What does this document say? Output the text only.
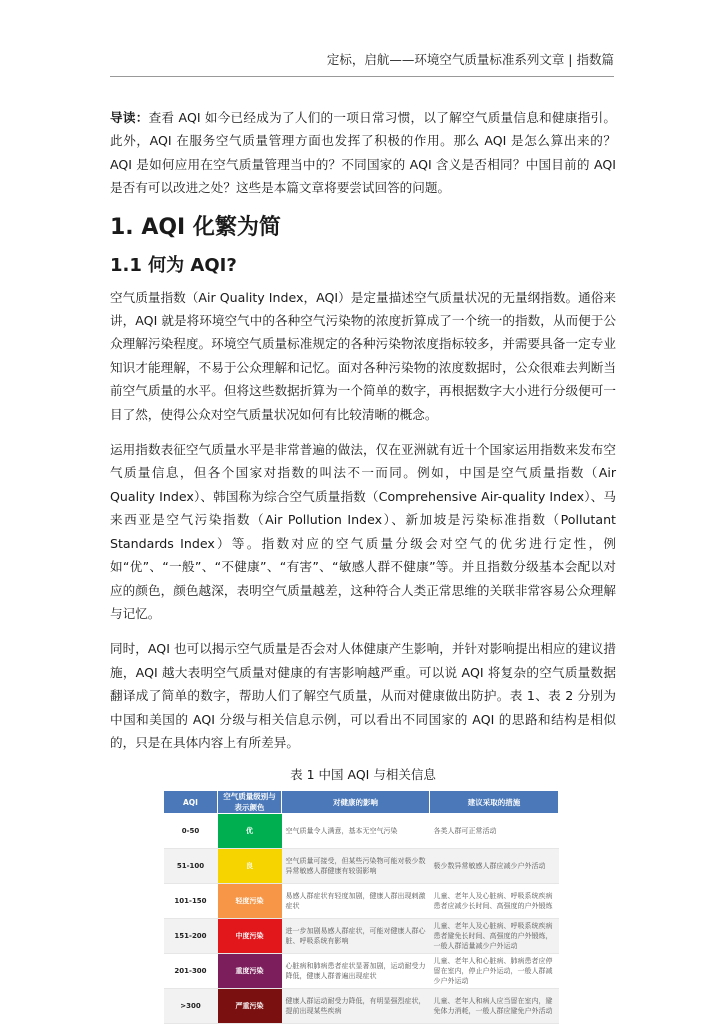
定标，启航——环境空气质量标准系列文章 | 指数篇

导读：查看 AQI 如今已经成为了人们的一项日常习惯，以了解空气质量信息和健康指引。此外，AQI 在服务空气质量管理方面也发挥了积极的作用。那么 AQI 是怎么算出来的？AQI 是如何应用在空气质量管理当中的？不同国家的 AQI 含义是否相同？中国目前的 AQI 是否有可以改进之处？这些是本篇文章将要尝试回答的问题。

1. AQI 化繁为简
1.1 何为 AQI?

空气质量指数（Air Quality Index，AQI）是定量描述空气质量状况的无量纲指数。通俗来讲，AQI 就是将环境空气中的各种空气污染物的浓度折算成了一个统一的指数，从而便于公众理解污染程度。环境空气质量标准规定的各种污染物浓度指标较多，并需要具备一定专业知识才能理解，不易于公众理解和记忆。面对各种污染物的浓度数据时，公众很难去判断当前空气质量的水平。但将这些数据折算为一个简单的数字，再根据数字大小进行分级便可一目了然，使得公众对空气质量状况如何有比较清晰的概念。

运用指数表征空气质量水平是非常普遍的做法，仅在亚洲就有近十个国家运用指数来发布空气质量信息，但各个国家对指数的叫法不一而同。例如，中国是空气质量指数（Air Quality Index）、韩国称为综合空气质量指数（Comprehensive Air-quality Index）、马来西亚是空气污染指数（Air Pollution Index）、新加坡是污染标准指数（Pollutant Standards Index）等。指数对应的空气质量分级会对空气的优劣进行定性，例如“优”、“一般”、“不健康”、“有害”、“敏感人群不健康”等。并且指数分级基本会配以对应的颜色，颜色越深，表明空气质量越差，这种符合人类正常思维的关联非常容易公众理解与记忆。

同时，AQI 也可以揭示空气质量是否会对人体健康产生影响，并针对影响提出相应的建议措施，AQI 越大表明空气质量对健康的有害影响越严重。可以说 AQI 将复杂的空气质量数据翻译成了简单的数字，帮助人们了解空气质量，从而对健康做出防护。表 1、表 2 分别为中国和美国的 AQI 分级与相关信息示例，可以看出不同国家的 AQI 的思路和结构是相似的，只是在具体内容上有所差异。

表 1 中国 AQI 与相关信息
AQI	空气质量级别与表示颜色	对健康的影响	建议采取的措施
0-50	优	空气质量令人满意，基本无空气污染	各类人群可正常活动
51-100	良	空气质量可接受，但某些污染物可能对极少数异常敏感人群健康有较弱影响	极少数异常敏感人群应减少户外活动
101-150	轻度污染	易感人群症状有轻度加剧，健康人群出现刺激症状	儿童、老年人及心脏病、呼吸系统疾病患者应减少长时间、高强度的户外锻炼
151-200	中度污染	进一步加剧易感人群症状，可能对健康人群心脏、呼吸系统有影响	儿童、老年人及心脏病、呼吸系统疾病患者避免长时间、高强度的户外锻炼，一般人群适量减少户外运动
201-300	重度污染	心脏病和肺病患者症状显著加剧，运动耐受力降低，健康人群普遍出现症状	儿童、老年人和心脏病、肺病患者应停留在室内，停止户外运动，一般人群减少户外运动
>300	严重污染	健康人群运动耐受力降低，有明显强烈症状，提前出现某些疾病	儿童、老年人和病人应当留在室内，避免体力消耗，一般人群应避免户外活动
